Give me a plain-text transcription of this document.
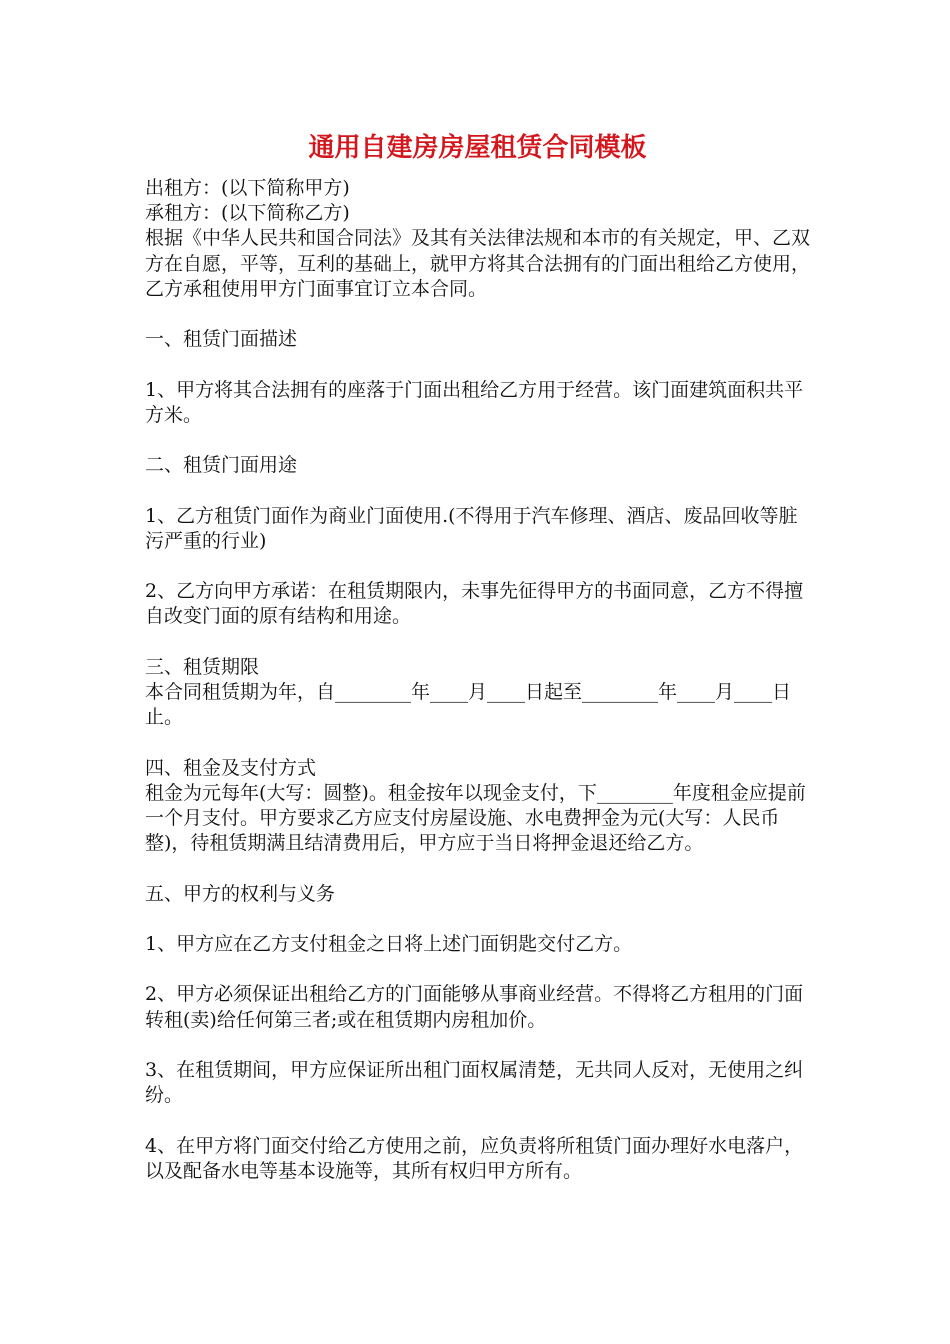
通用自建房房屋租赁合同模板

出租方：(以下简称甲方)

承租方：(以下简称乙方)

根据《中华人民共和国合同法》及其有关法律法规和本市的有关规定，甲、乙双方在自愿，平等，互利的基础上，就甲方将其合法拥有的门面出租给乙方使用，乙方承租使用甲方门面事宜订立本合同。

一、租赁门面描述

1、甲方将其合法拥有的座落于门面出租给乙方用于经营。该门面建筑面积共平方米。

二、租赁门面用途

1、乙方租赁门面作为商业门面使用.(不得用于汽车修理、酒店、废品回收等脏污严重的行业)

2、乙方向甲方承诺：在租赁期限内，未事先征得甲方的书面同意，乙方不得擅自改变门面的原有结构和用途。

三、租赁期限

本合同租赁期为年，自________年____月____日起至________年____月____日止。

四、租金及支付方式

租金为元每年(大写：圆整)。租金按年以现金支付，下________年度租金应提前一个月支付。甲方要求乙方应支付房屋设施、水电费押金为元(大写：人民币整)，待租赁期满且结清费用后，甲方应于当日将押金退还给乙方。

五、甲方的权利与义务

1、甲方应在乙方支付租金之日将上述门面钥匙交付乙方。

2、甲方必须保证出租给乙方的门面能够从事商业经营。不得将乙方租用的门面转租(卖)给任何第三者;或在租赁期内房租加价。

3、在租赁期间，甲方应保证所出租门面权属清楚，无共同人反对，无使用之纠纷。

4、在甲方将门面交付给乙方使用之前，应负责将所租赁门面办理好水电落户，以及配备水电等基本设施等，其所有权归甲方所有。
